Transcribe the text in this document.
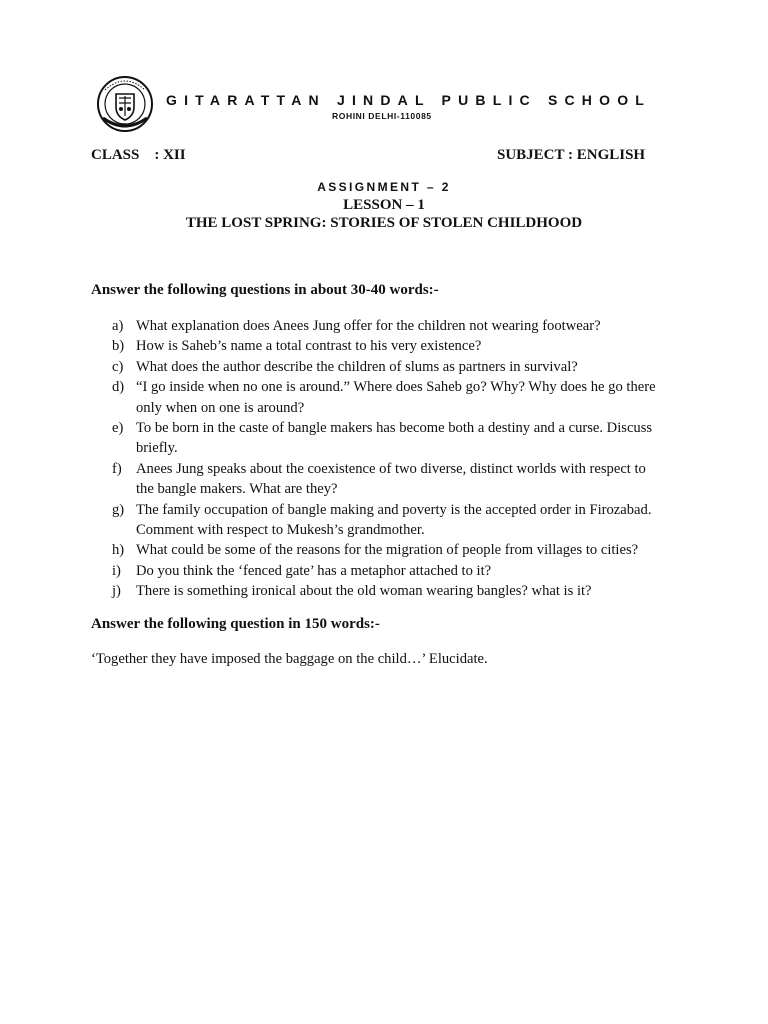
GITARATTAN JINDAL PUBLIC SCHOOL
ROHINI DELHI-110085
CLASS    : XII	SUBJECT : ENGLISH
ASSIGNMENT – 2
LESSON – 1
THE LOST SPRING: STORIES OF STOLEN CHILDHOOD
Answer the following questions in about 30-40 words:-
a) What explanation does Anees Jung offer for the children not wearing footwear?
b) How is Saheb’s name a total contrast to his very existence?
c) What does the author describe the children of slums as partners in survival?
d) “I go inside when no one is around.” Where does Saheb go? Why? Why does he go there
only when on one is around?
e) To be born in the caste of bangle makers has become both a destiny and a curse. Discuss
briefly.
f) Anees Jung speaks about the coexistence of two diverse, distinct worlds with respect to
the bangle makers. What are they?
g) The family occupation of bangle making and poverty is the accepted order in Firozabad.
Comment with respect to Mukesh’s grandmother.
h) What could be some of the reasons for the migration of people from villages to cities?
i) Do you think the ‘fenced gate’ has a metaphor attached to it?
j) There is something ironical about the old woman wearing bangles? what is it?
Answer the following question in 150 words:-
‘Together they have imposed the baggage on the child…’ Elucidate.
